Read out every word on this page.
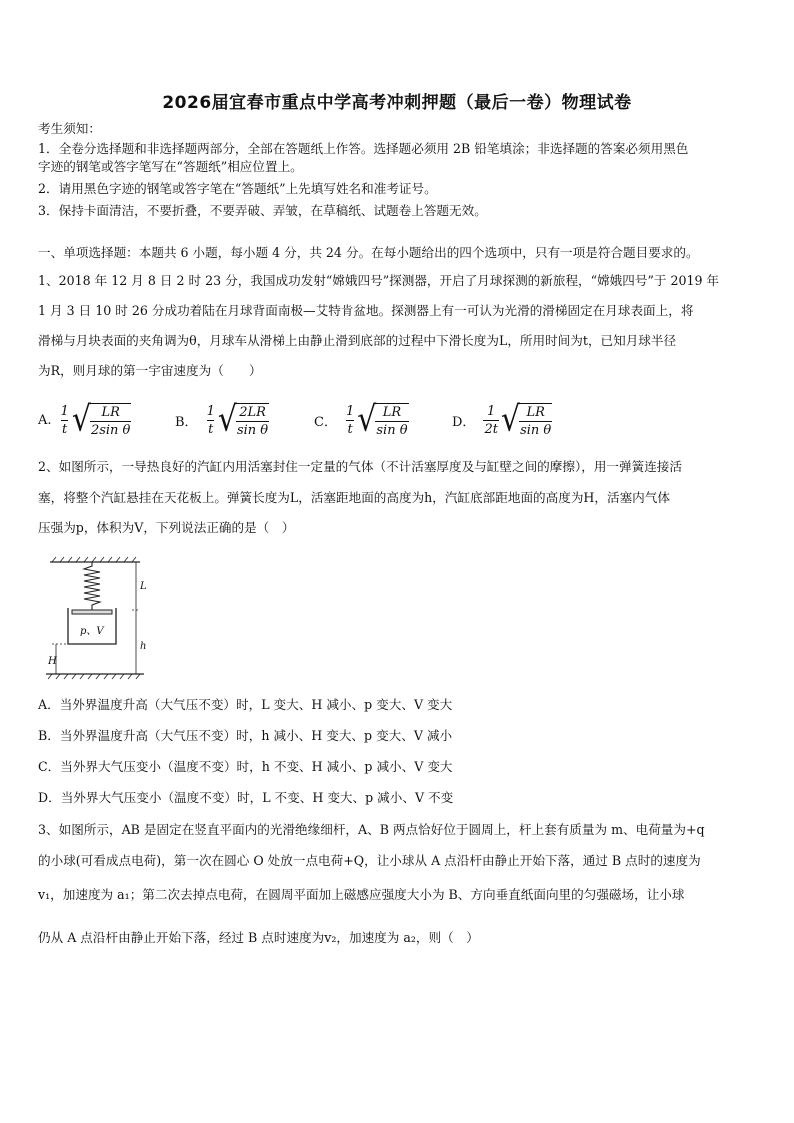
2026届宜春市重点中学高考冲刺押题（最后一卷）物理试卷
考生须知：
1．全卷分选择题和非选择题两部分，全部在答题纸上作答。选择题必须用 2B 铅笔填涂；非选择题的答案必须用黑色
字迹的钢笔或答字笔写在“答题纸”相应位置上。
2．请用黑色字迹的钢笔或答字笔在“答题纸”上先填写姓名和准考证号。
3．保持卡面清洁，不要折叠，不要弄破、弄皱，在草稿纸、试题卷上答题无效。
一、单项选择题：本题共 6 小题，每小题 4 分，共 24 分。在每小题给出的四个选项中，只有一项是符合题目要求的。
1、2018 年 12 月 8 日 2 时 23 分，我国成功发射“嫦娥四号”探测器，开启了月球探测的新旅程，“嫦娥四号”于 2019 年
1 月 3 日 10 时 26 分成功着陆在月球背面南极—艾特肯盆地。探测器上有一可认为光滑的滑梯固定在月球表面上，将
滑梯与月块表面的夹角调为θ，月球车从滑梯上由静止滑到底部的过程中下滑长度为L，所用时间为t，已知月球半径
为R，则月球的第一宇宙速度为（　　）
A. $\frac{1}{t}$ √ $\frac{LR}{\text{2sin θ}}$	B． $\frac{1}{t}$ √ $\frac{2LR}{\text{sin θ}}$	C． $\frac{1}{t}$ √ $\frac{LR}{\text{sin θ}}$	D． $\frac{1}{2t}$ √ $\frac{LR}{\text{sin θ}}$
2、如图所示，一导热良好的汽缸内用活塞封住一定量的气体（不计活塞厚度及与缸壁之间的摩擦），用一弹簧连接活
塞，将整个汽缸悬挂在天花板上。弹簧长度为L，活塞距地面的高度为h，汽缸底部距地面的高度为H，活塞内气体
压强为p，体积为V，下列说法正确的是（　）
p、V
L
h
H
A．当外界温度升高（大气压不变）时，L 变大、H 减小、p 变大、V 变大
B．当外界温度升高（大气压不变）时，h 减小、H 变大、p 变大、V 减小
C．当外界大气压变小（温度不变）时，h 不变、H 减小、p 减小、V 变大
D．当外界大气压变小（温度不变）时，L 不变、H 变大、p 减小、V 不变
3、如图所示，AB 是固定在竖直平面内的光滑绝缘细杆，A、B 两点恰好位于圆周上，杆上套有质量为 m、电荷量为+q
的小球(可看成点电荷)，第一次在圆心 O 处放一点电荷+Q，让小球从 A 点沿杆由静止开始下落，通过 B 点时的速度为
v₁，加速度为 a₁；第二次去掉点电荷，在圆周平面加上磁感应强度大小为 B、方向垂直纸面向里的匀强磁场，让小球
仍从 A 点沿杆由静止开始下落，经过 B 点时速度为v₂，加速度为 a₂，则（　）
